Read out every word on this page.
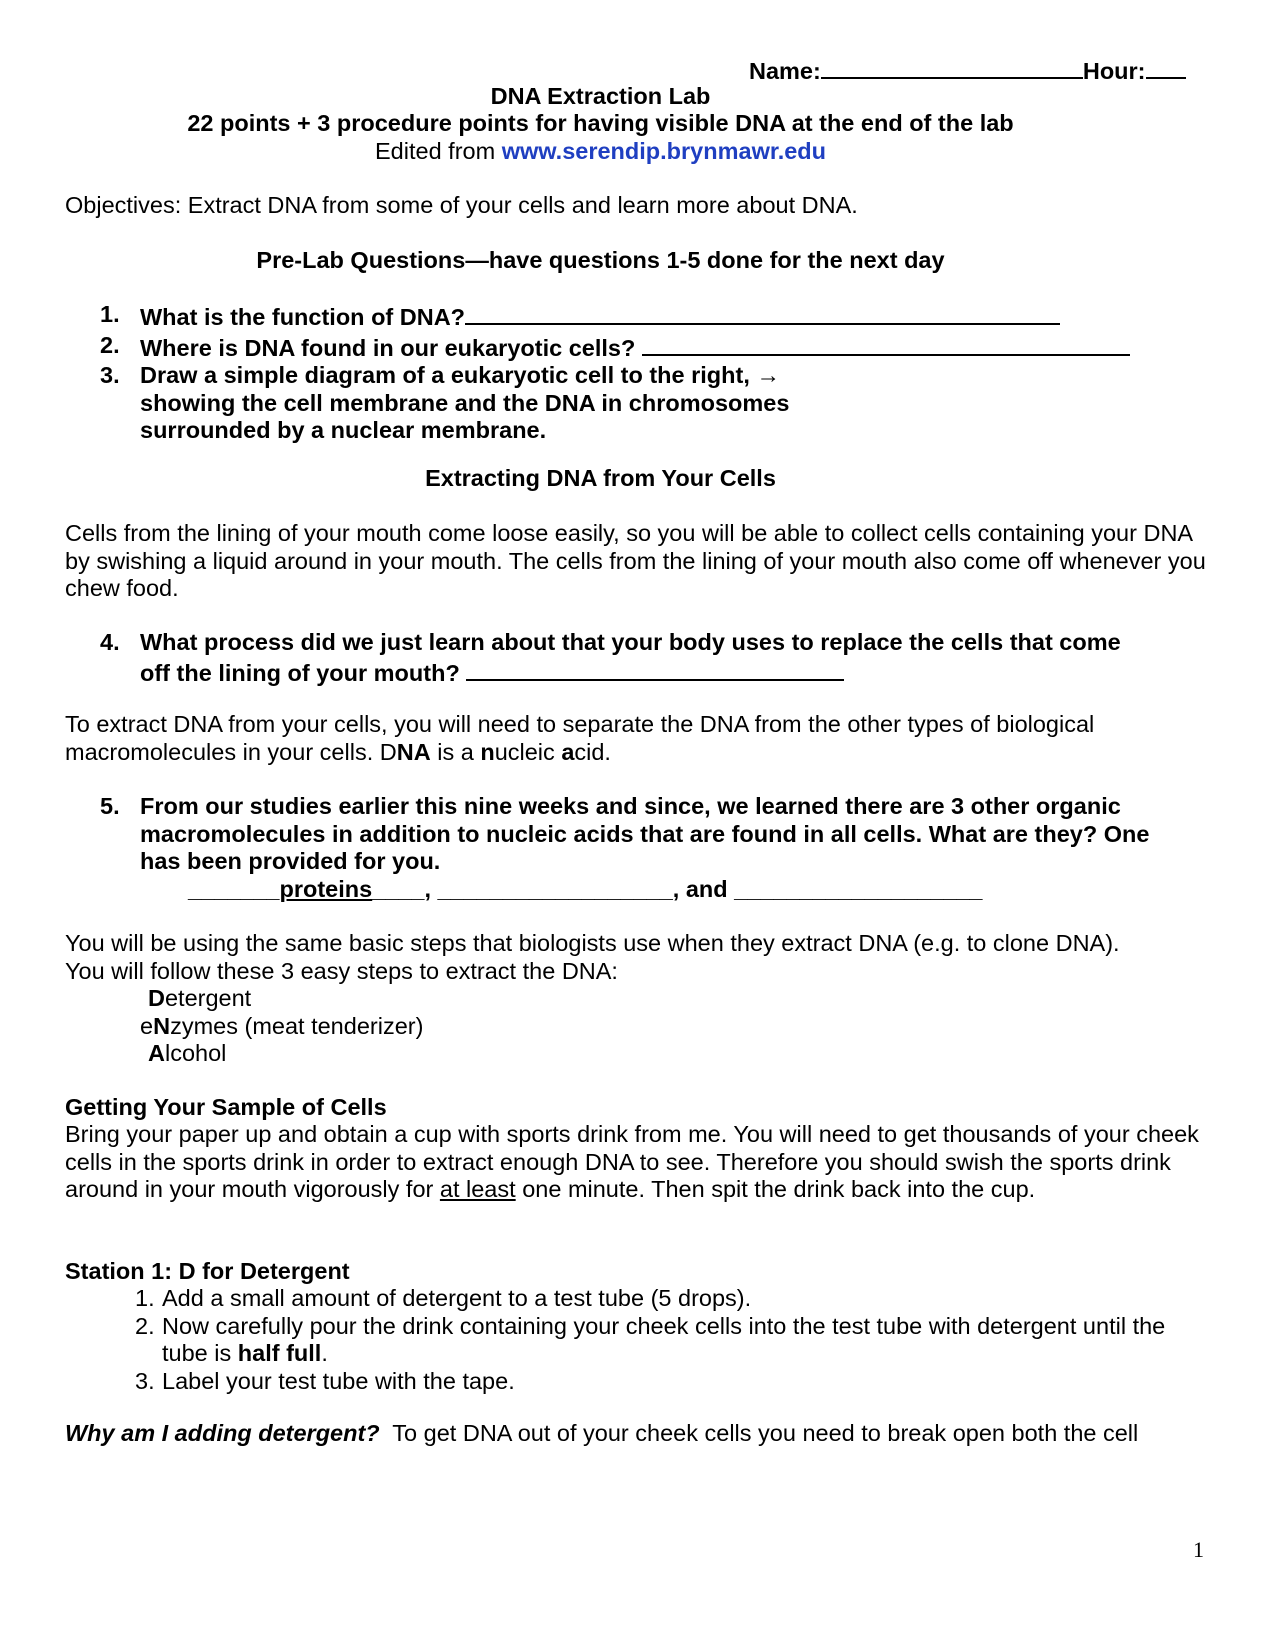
Name:	Hour:
DNA Extraction Lab
22 points + 3 procedure points for having visible DNA at the end of the lab
Edited from www.serendip.brynmawr.edu
Objectives: Extract DNA from some of your cells and learn more about DNA.
Pre-Lab Questions—have questions 1-5 done for the next day
1. What is the function of DNA?
2. Where is DNA found in our eukaryotic cells?
3. Draw a simple diagram of a eukaryotic cell to the right, →
showing the cell membrane and the DNA in chromosomes
surrounded by a nuclear membrane.
Extracting DNA from Your Cells
Cells from the lining of your mouth come loose easily, so you will be able to collect cells containing your DNA by swishing a liquid around in your mouth. The cells from the lining of your mouth also come off whenever you chew food.
4. What process did we just learn about that your body uses to replace the cells that come
off the lining of your mouth?
To extract DNA from your cells, you will need to separate the DNA from the other types of biological
macromolecules in your cells. DNA is a nucleic acid.
5. From our studies earlier this nine weeks and since, we learned there are 3 other organic
macromolecules in addition to nucleic acids that are found in all cells. What are they? One
has been provided for you.
_______proteins____, __________________, and ___________________
You will be using the same basic steps that biologists use when they extract DNA (e.g. to clone DNA).
You will follow these 3 easy steps to extract the DNA:
Detergent
eNzymes (meat tenderizer)
Alcohol
Getting Your Sample of Cells
Bring your paper up and obtain a cup with sports drink from me. You will need to get thousands of your cheek cells in the sports drink in order to extract enough DNA to see. Therefore you should swish the sports drink around in your mouth vigorously for at least one minute. Then spit the drink back into the cup.
Station 1: D for Detergent
1. Add a small amount of detergent to a test tube (5 drops).
2. Now carefully pour the drink containing your cheek cells into the test tube with detergent until the tube is half full.
3. Label your test tube with the tape.
Why am I adding detergent?  To get DNA out of your cheek cells you need to break open both the cell
1
